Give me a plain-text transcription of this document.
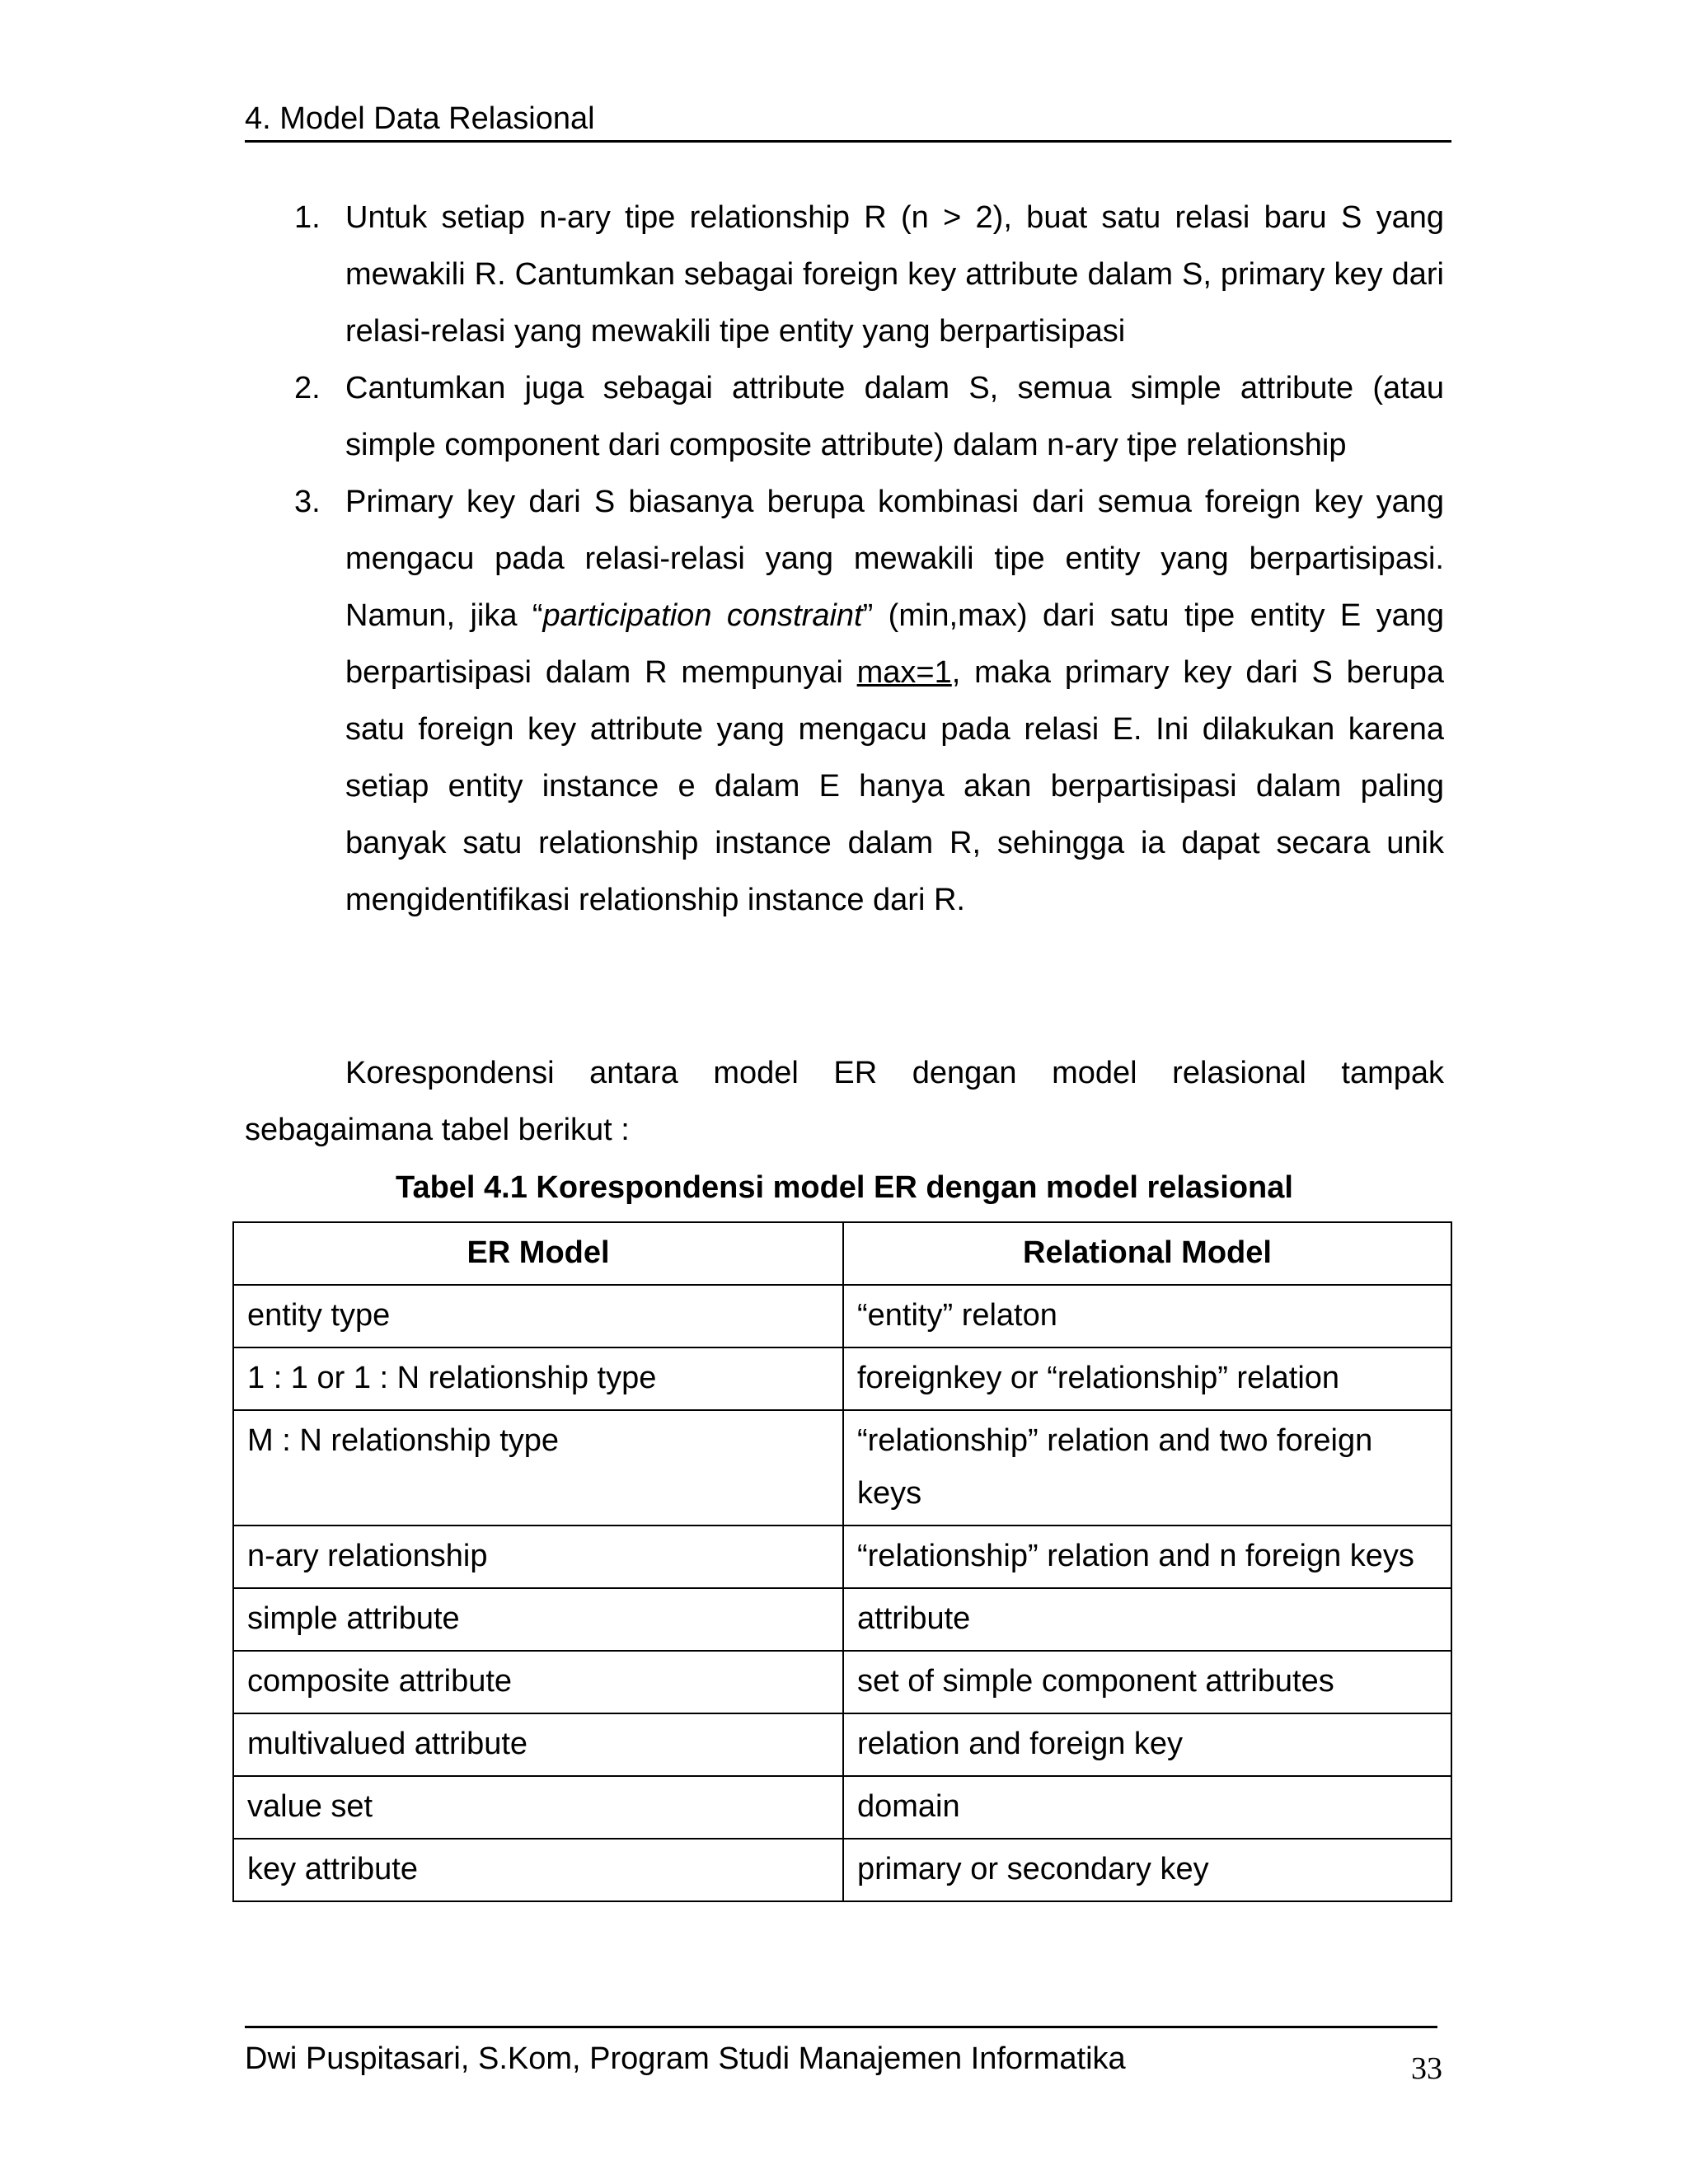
4. Model Data Relasional
1. Untuk setiap n-ary tipe relationship R (n > 2), buat satu relasi baru S yang mewakili R. Cantumkan sebagai foreign key attribute dalam S, primary key dari relasi-relasi yang mewakili tipe entity yang berpartisipasi
2. Cantumkan juga sebagai attribute dalam S, semua simple attribute (atau simple component dari composite attribute) dalam n-ary tipe relationship
3. Primary key dari S biasanya berupa kombinasi dari semua foreign key yang mengacu pada relasi-relasi yang mewakili tipe entity yang berpartisipasi. Namun, jika “participation constraint” (min,max) dari satu tipe entity E yang berpartisipasi dalam R mempunyai max=1, maka primary key dari S berupa satu foreign key attribute yang mengacu pada relasi E. Ini dilakukan karena setiap entity instance e dalam E hanya akan berpartisipasi dalam paling banyak satu relationship instance dalam R, sehingga ia dapat secara unik mengidentifikasi relationship instance dari R.

Korespondensi antara model ER dengan model relasional tampak sebagaimana tabel berikut :

Tabel 4.1 Korespondensi model ER dengan model relasional
ER Model	Relational Model
entity type	“entity” relaton
1 : 1 or 1 : N relationship type	foreignkey or “relationship” relation
M : N relationship type	“relationship” relation and two foreign keys
n-ary relationship	“relationship” relation and n foreign keys
simple attribute	attribute
composite attribute	set of simple component attributes
multivalued attribute	relation and foreign key
value set	domain
key attribute	primary or secondary key
Dwi Puspitasari, S.Kom, Program Studi Manajemen Informatika	33
